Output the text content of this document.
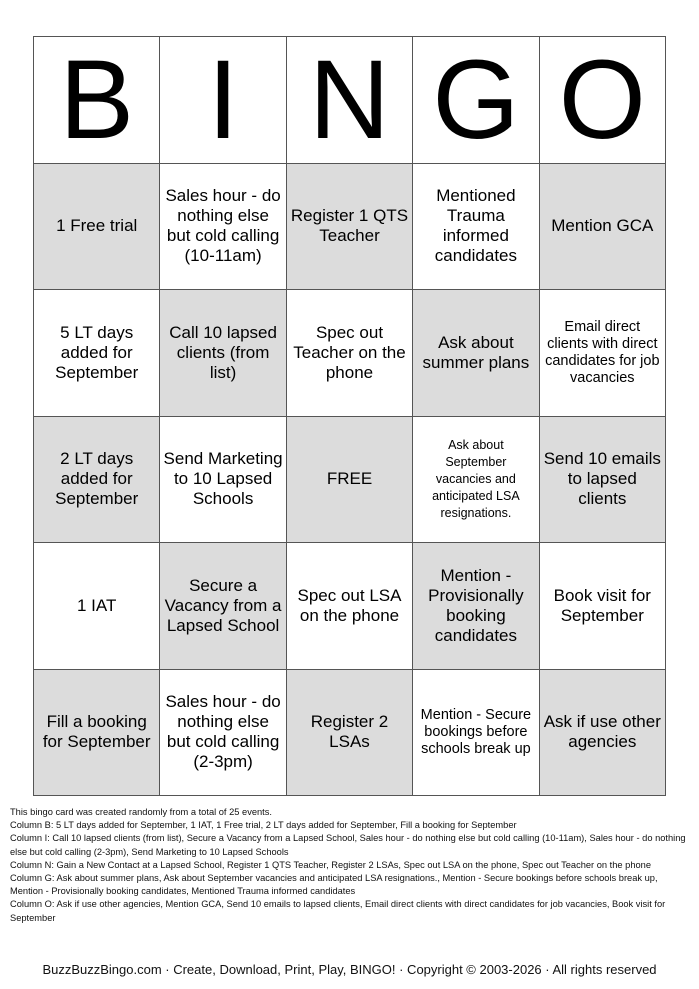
B I N G O
1 Free trial
Sales hour - do nothing else but cold calling (10-11am)
Register 1 QTS Teacher
Mentioned Trauma informed candidates
Mention GCA
5 LT days added for September
Call 10 lapsed clients (from list)
Spec out Teacher on the phone
Ask about summer plans
Email direct clients with direct candidates for job vacancies
2 LT days added for September
Send Marketing to 10 Lapsed Schools
FREE
Ask about September vacancies and anticipated LSA resignations.
Send 10 emails to lapsed clients
1 IAT
Secure a Vacancy from a Lapsed School
Spec out LSA on the phone
Mention - Provisionally booking candidates
Book visit for September
Fill a booking for September
Sales hour - do nothing else but cold calling (2-3pm)
Register 2 LSAs
Mention - Secure bookings before schools break up
Ask if use other agencies
This bingo card was created randomly from a total of 25 events.
Column B: 5 LT days added for September, 1 IAT, 1 Free trial, 2 LT days added for September, Fill a booking for September
Column I: Call 10 lapsed clients (from list), Secure a Vacancy from a Lapsed School, Sales hour - do nothing else but cold calling (10-11am), Sales hour - do nothing else but cold calling (2-3pm), Send Marketing to 10 Lapsed Schools
Column N: Gain a New Contact at a Lapsed School, Register 1 QTS Teacher, Register 2 LSAs, Spec out LSA on the phone, Spec out Teacher on the phone
Column G: Ask about summer plans, Ask about September vacancies and anticipated LSA resignations., Mention - Secure bookings before schools break up, Mention - Provisionally booking candidates, Mentioned Trauma informed candidates
Column O: Ask if use other agencies, Mention GCA, Send 10 emails to lapsed clients, Email direct clients with direct candidates for job vacancies, Book visit for September
BuzzBuzzBingo.com · Create, Download, Print, Play, BINGO! · Copyright © 2003-2026 · All rights reserved
